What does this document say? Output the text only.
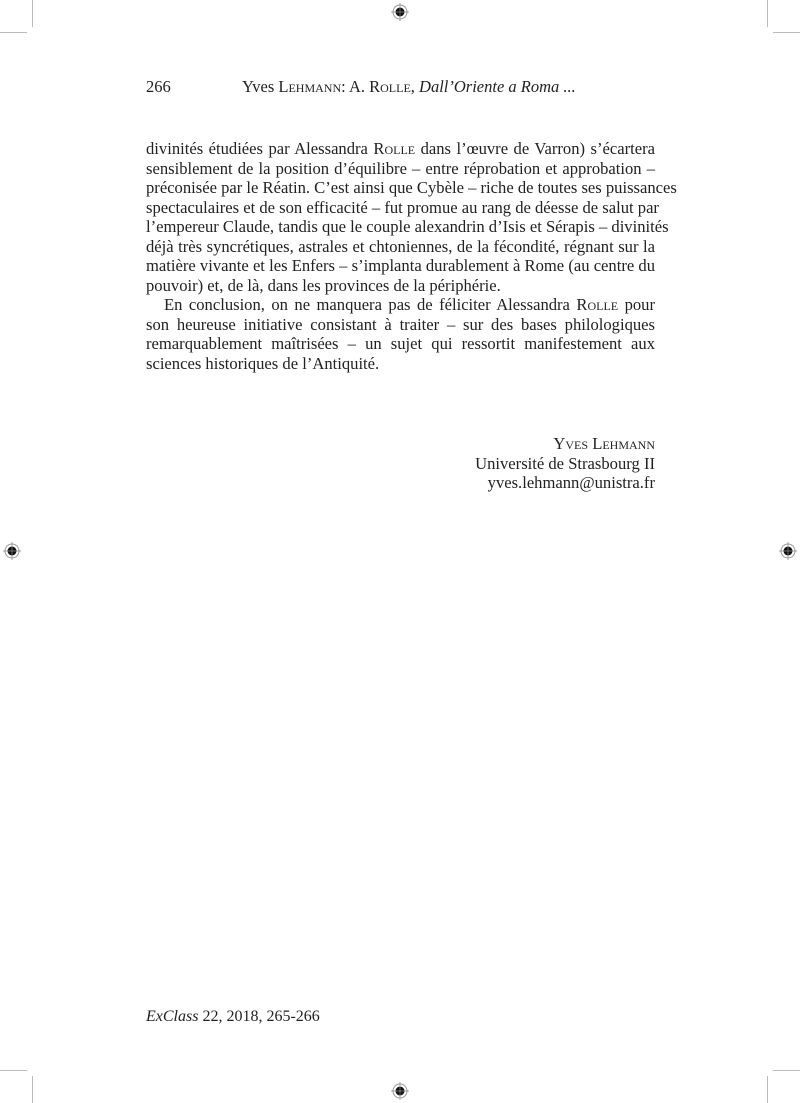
266	Yves Lehmann: A. Rolle, Dall’Oriente a Roma ...
divinités étudiées par Alessandra Rolle dans l’œuvre de Varron) s’écartera
sensiblement de la position d’équilibre – entre réprobation et approbation –
préconisée par le Réatin. C’est ainsi que Cybèle – riche de toutes ses puissances
spectaculaires et de son efficacité – fut promue au rang de déesse de salut par
l’empereur Claude, tandis que le couple alexandrin d’Isis et Sérapis – divinités
déjà très syncrétiques, astrales et chtoniennes, de la fécondité, régnant sur la
matière vivante et les Enfers – s’implanta durablement à Rome (au centre du
pouvoir) et, de là, dans les provinces de la périphérie.
En conclusion, on ne manquera pas de féliciter Alessandra Rolle pour
son heureuse initiative consistant à traiter – sur des bases philologiques
remarquablement maîtrisées – un sujet qui ressortit manifestement aux
sciences historiques de l’Antiquité.
Yves Lehmann
Université de Strasbourg II
yves.lehmann@unistra.fr
ExClass 22, 2018, 265-266
